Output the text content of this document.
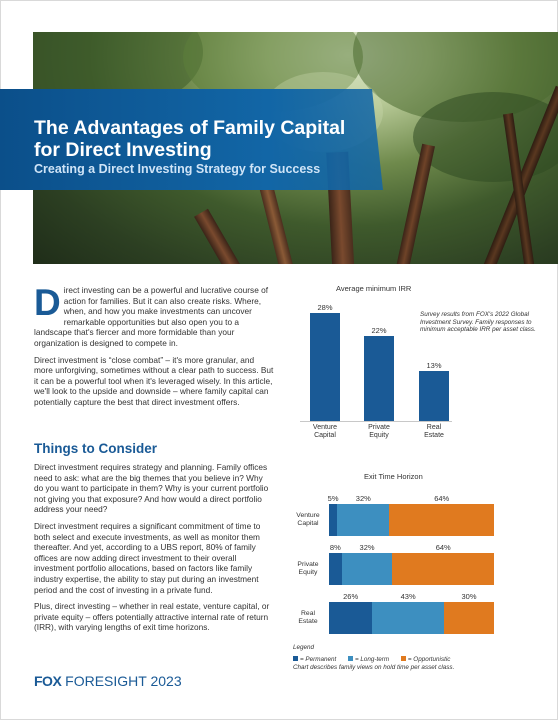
The Advantages of Family Capital for Direct Investing
Creating a Direct Investing Strategy for Success

Direct investing can be a powerful and lucrative course of action for families. But it can also create risks. Where, when, and how you make investments can uncover remarkable opportunities but also open you to a landscape that's fiercer and more formidable than your organization is designed to compete in.

Direct investment is “close combat” – it's more granular, and more unforgiving, sometimes without a clear path to success. But it can be a powerful tool when it's leveraged wisely. In this article, we'll look to the upside and downside – where family capital can potentially capture the best that direct investment offers.

Things to Consider

Direct investment requires strategy and planning. Family offices need to ask: what are the big themes that you believe in? Why do you want to participate in them? Why is your current portfolio not giving you that exposure? And how would a direct portfolio address your need?

Direct investment requires a significant commitment of time to both select and execute investments, as well as monitor them thereafter. And yet, according to a UBS report, 80% of family offices are now adding direct investment to their overall investment portfolio allocations, based on factors like family industry expertise, the ability to stay put during an investment period and the cost of investing in a private fund.

Plus, direct investing – whether in real estate, venture capital, or private equity – offers potentially attractive internal rate of return (IRR), with varying lengths of exit time horizons.

Average minimum IRR
28%
Venture
Capital
22%
Private
Equity
13%
Real
Estate
Survey results from FOX's 2022 Global Investment Survey. Family responses to minimum acceptable IRR per asset class.
Exit Time Horizon
5%	32%	64%
Venture
Capital
8%	32%	64%
Private
Equity
26%	43%	30%
Real
Estate
Legend
= Permanent	= Long-term	= Opportunistic
Chart describes family views on hold time per asset class.
FOX FORESIGHT 2023
